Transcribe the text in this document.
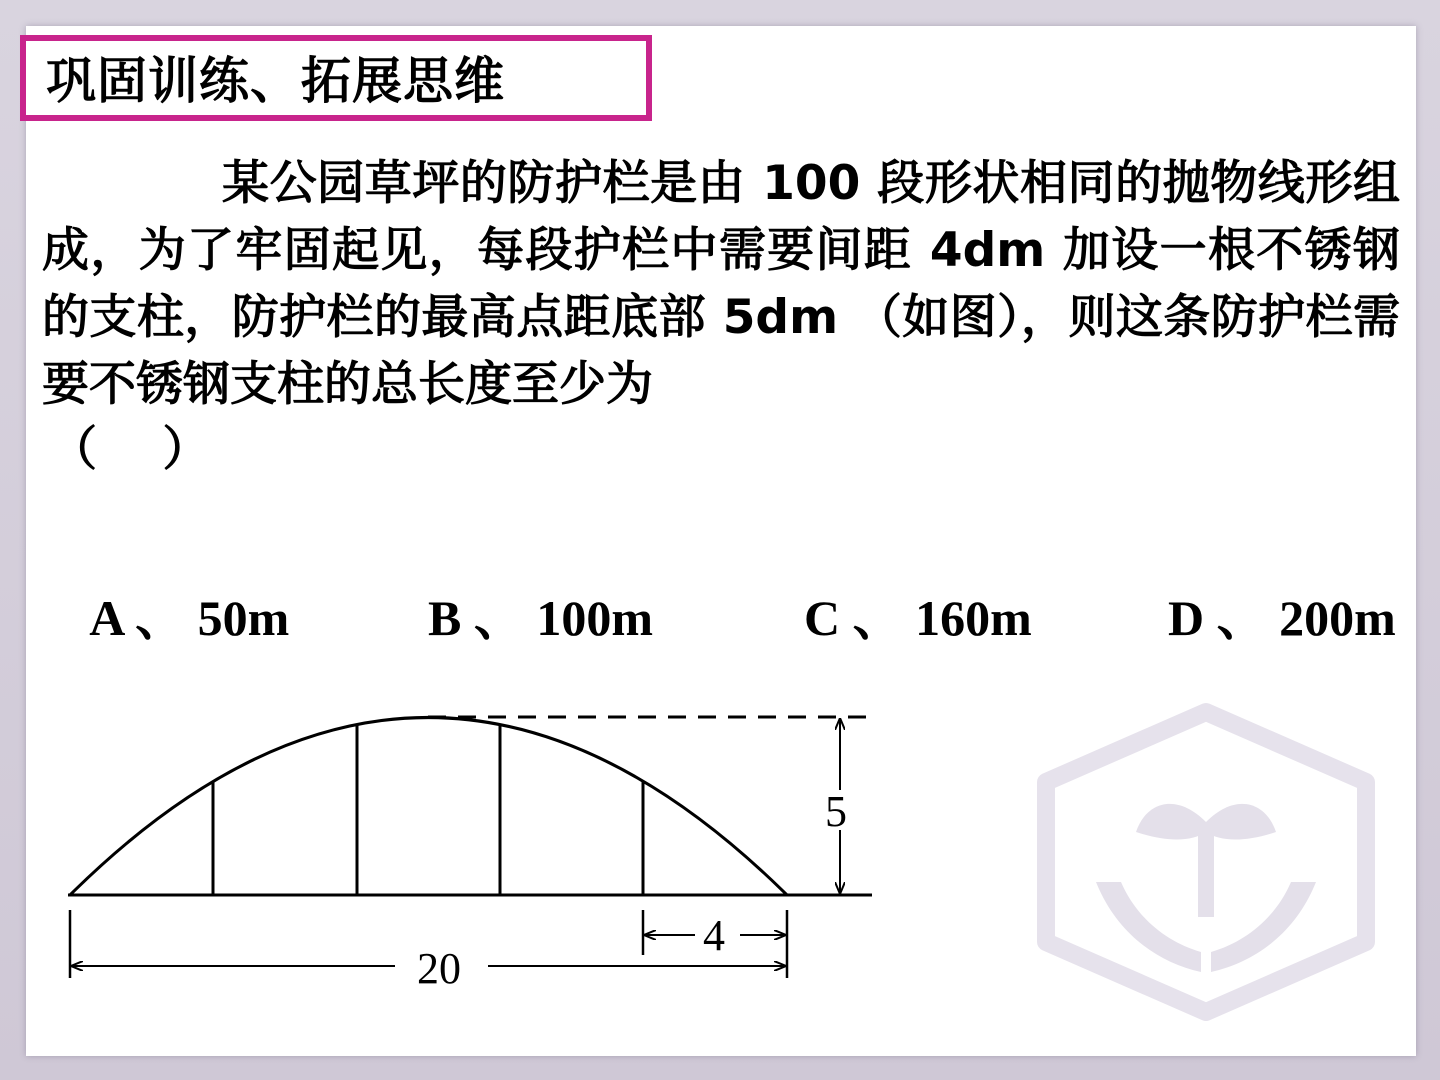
巩固训练、拓展思维

某公园草坪的防护栏是由 100 段形状相同的抛物线形组成，为了牢固起见，每段护栏中需要间距 4dm 加设一根不锈钢的支柱，防护栏的最高点距底部 5dm （如图），则这条防护栏需要不锈钢支柱的总长度至少为

（    ）

A 、 50m
	B 、 100m
	C 、 160m
	D 、 200m

5
4
20
